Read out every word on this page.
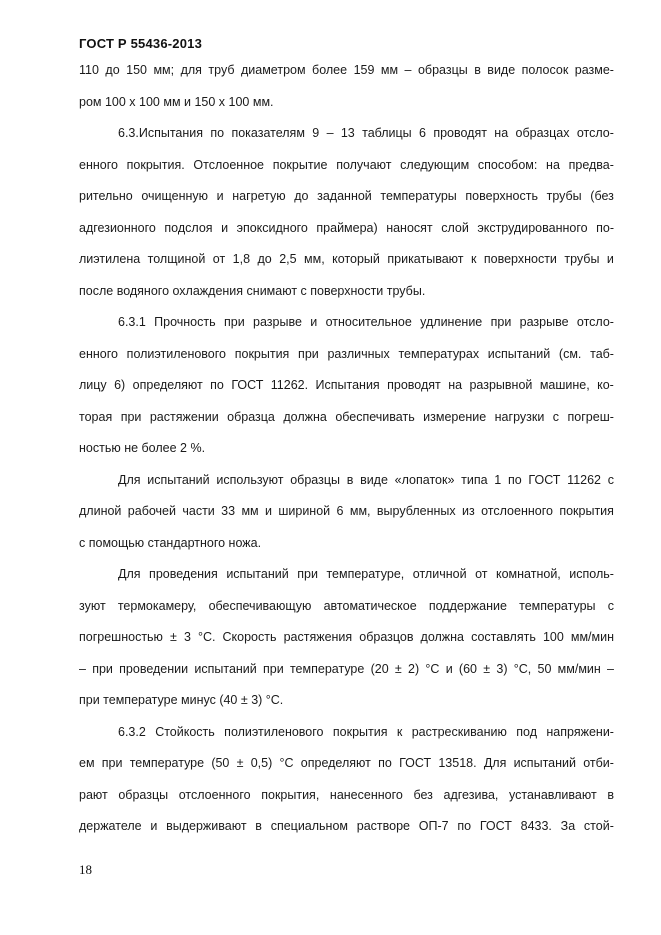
ГОСТ Р 55436-2013
110 до 150 мм; для труб диаметром более 159 мм – образцы в виде полосок разме-
ром 100 х 100 мм и 150 х 100 мм.
6.3.Испытания по показателям 9 – 13 таблицы 6 проводят на образцах отсло-
енного покрытия. Отслоенное покрытие получают следующим способом: на предва-
рительно очищенную и нагретую до заданной температуры поверхность трубы (без
адгезионного подслоя и эпоксидного праймера) наносят слой экструдированного по-
лиэтилена толщиной от 1,8 до 2,5 мм, который прикатывают к поверхности трубы и
после водяного охлаждения снимают с поверхности трубы.
6.3.1 Прочность при разрыве и относительное удлинение при разрыве отсло-
енного полиэтиленового покрытия при различных температурах испытаний (см. таб-
лицу 6) определяют по ГОСТ 11262. Испытания проводят на разрывной машине, ко-
торая при растяжении образца должна обеспечивать измерение нагрузки с погреш-
ностью не более 2 %.
Для испытаний используют образцы в виде «лопаток» типа 1 по ГОСТ 11262 с
длиной рабочей части 33 мм и шириной 6 мм, вырубленных из отслоенного покрытия
с помощью стандартного ножа.
Для проведения испытаний при температуре, отличной от комнатной, исполь-
зуют термокамеру, обеспечивающую автоматическое поддержание температуры с
погрешностью ± 3 °С. Скорость растяжения образцов должна составлять 100 мм/мин
– при проведении испытаний при температуре (20 ± 2) °С и (60 ± 3) °С, 50 мм/мин –
при температуре минус (40 ± 3) °С.
6.3.2 Стойкость полиэтиленового покрытия к растрескиванию под напряжени-
ем при температуре (50 ± 0,5) °С определяют по ГОСТ 13518. Для испытаний отби-
рают образцы отслоенного покрытия, нанесенного без адгезива, устанавливают в
держателе и выдерживают в специальном растворе ОП-7 по ГОСТ 8433. За стой-
18
